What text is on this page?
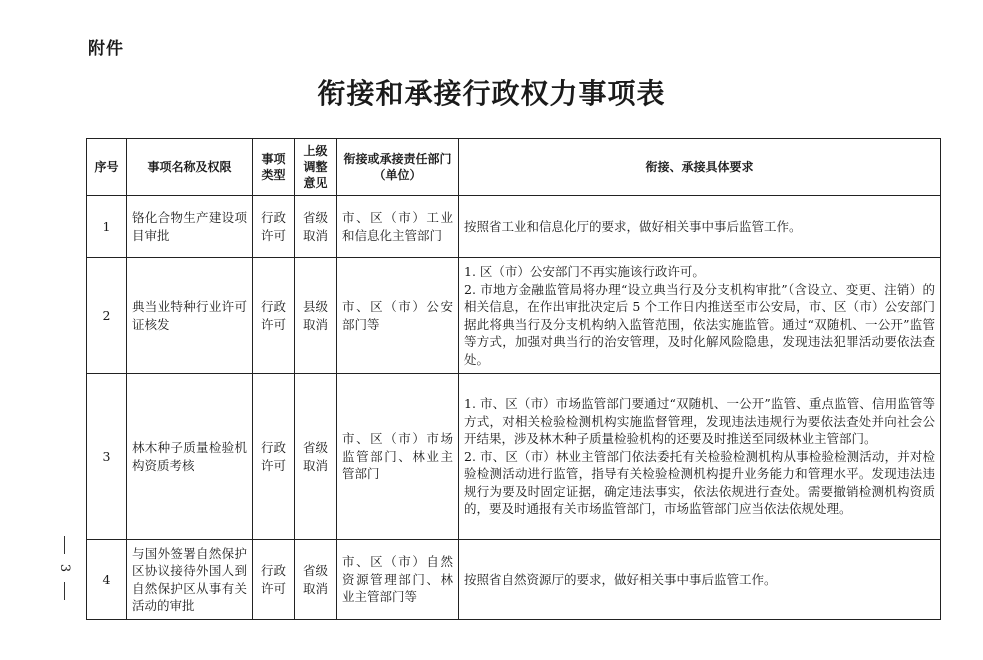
附件
衔接和承接行政权力事项表
3
序号	事项名称及权限	事项类型	上级调整意见	衔接或承接责任部门（单位）	衔接、承接具体要求
1	铬化合物生产建设项目审批	行政许可	省级取消	市、区（市）工业和信息化主管部门	按照省工业和信息化厅的要求，做好相关事中事后监管工作。

2	典当业特种行业许可证核发	行政许可	县级取消	市、区（市）公安部门等	1. 区（市）公安部门不再实施该行政许可。
2. 市地方金融监管局将办理“设立典当行及分支机构审批”（含设立、变更、注销）的相关信息，在作出审批决定后 5 个工作日内推送至市公安局，市、区（市）公安部门据此将典当行及分支机构纳入监管范围，依法实施监管。通过“双随机、一公开”监管等方式，加强对典当行的治安管理，及时化解风险隐患，发现违法犯罪活动要依法查处。

3	林木种子质量检验机构资质考核	行政许可	省级取消	市、区（市）市场监管部门、林业主管部门	1. 市、区（市）市场监管部门要通过“双随机、一公开”监管、重点监管、信用监管等方式，对相关检验检测机构实施监督管理，发现违法违规行为要依法查处并向社会公开结果，涉及林木种子质量检验机构的还要及时推送至同级林业主管部门。
2. 市、区（市）林业主管部门依法委托有关检验检测机构从事检验检测活动，并对检验检测活动进行监管，指导有关检验检测机构提升业务能力和管理水平。发现违法违规行为要及时固定证据，确定违法事实，依法依规进行查处。需要撤销检测机构资质的，要及时通报有关市场监管部门，市场监管部门应当依法依规处理。

4	与国外签署自然保护区协议接待外国人到自然保护区从事有关活动的审批	行政许可	省级取消	市、区（市）自然资源管理部门、林业主管部门等	按照省自然资源厅的要求，做好相关事中事后监管工作。
